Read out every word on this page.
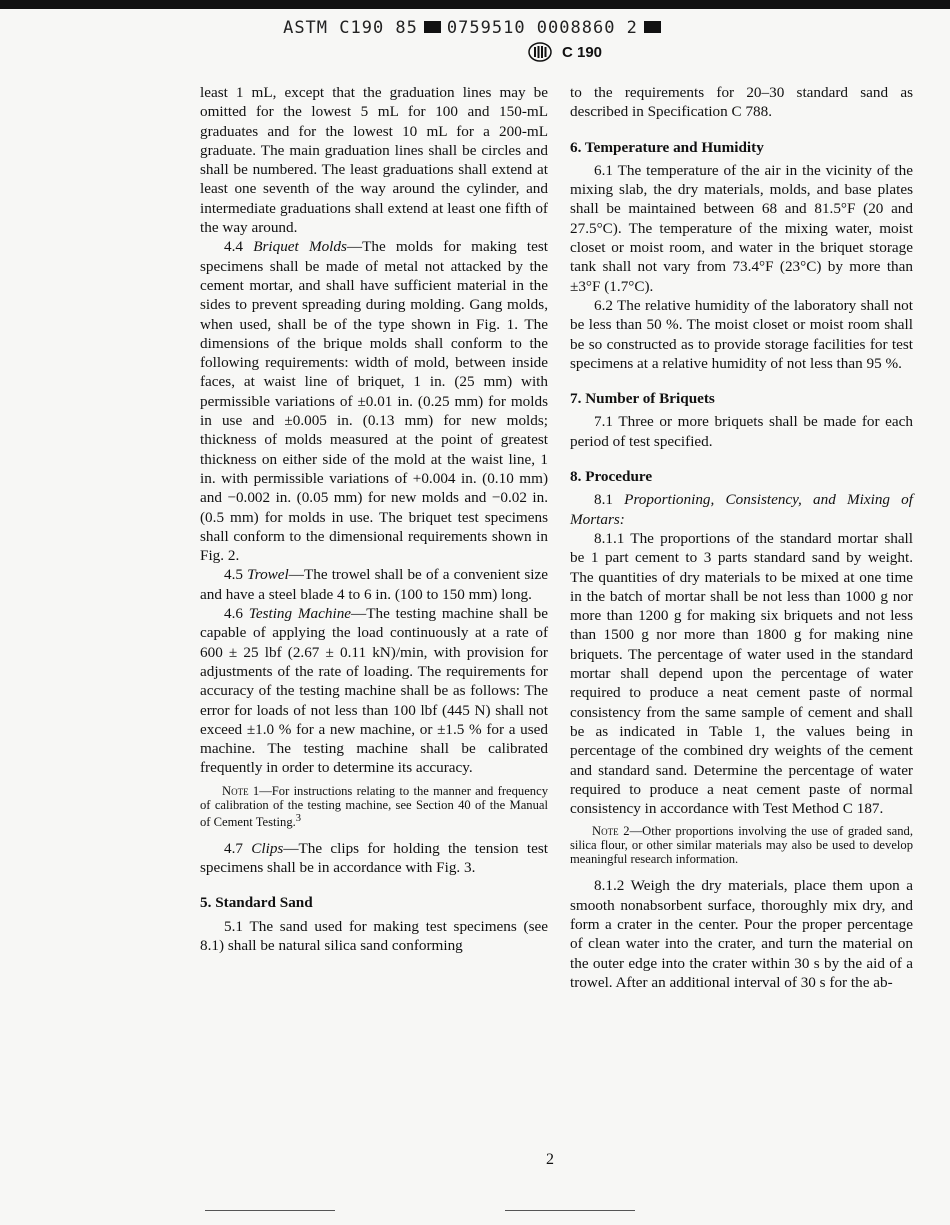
ASTM C190 85 0759510 0008860 2
C 190

least 1 mL, except that the graduation lines may be omitted for the lowest 5 mL for 100 and 150-mL graduates and for the lowest 10 mL for a 200-mL graduate. The main graduation lines shall be circles and shall be numbered. The least graduations shall extend at least one seventh of the way around the cylinder, and intermediate graduations shall extend at least one fifth of the way around.

4.4 Briquet Molds—The molds for making test specimens shall be made of metal not attacked by the cement mortar, and shall have sufficient material in the sides to prevent spreading during molding. Gang molds, when used, shall be of the type shown in Fig. 1. The dimensions of the brique molds shall conform to the following requirements: width of mold, between inside faces, at waist line of briquet, 1 in. (25 mm) with permissible variations of ±0.01 in. (0.25 mm) for molds in use and ±0.005 in. (0.13 mm) for new molds; thickness of molds measured at the point of greatest thickness on either side of the mold at the waist line, 1 in. with permissible variations of +0.004 in. (0.10 mm) and −0.002 in. (0.05 mm) for new molds and −0.02 in. (0.5 mm) for molds in use. The briquet test specimens shall conform to the dimensional requirements shown in Fig. 2.

4.5 Trowel—The trowel shall be of a convenient size and have a steel blade 4 to 6 in. (100 to 150 mm) long.

4.6 Testing Machine—The testing machine shall be capable of applying the load continuously at a rate of 600 ± 25 lbf (2.67 ± 0.11 kN)/min, with provision for adjustments of the rate of loading. The requirements for accuracy of the testing machine shall be as follows: The error for loads of not less than 100 lbf (445 N) shall not exceed ±1.0 % for a new machine, or ±1.5 % for a used machine. The testing machine shall be calibrated frequently in order to determine its accuracy.

Note 1—For instructions relating to the manner and frequency of calibration of the testing machine, see Section 40 of the Manual of Cement Testing.$^3$

4.7 Clips—The clips for holding the tension test specimens shall be in accordance with Fig. 3.

5. Standard Sand

5.1 The sand used for making test specimens (see 8.1) shall be natural silica sand conforming

to the requirements for 20–30 standard sand as described in Specification C 788.

6. Temperature and Humidity

6.1 The temperature of the air in the vicinity of the mixing slab, the dry materials, molds, and base plates shall be maintained between 68 and 81.5°F (20 and 27.5°C). The temperature of the mixing water, moist closet or moist room, and water in the briquet storage tank shall not vary from 73.4°F (23°C) by more than ±3°F (1.7°C).

6.2 The relative humidity of the laboratory shall not be less than 50 %. The moist closet or moist room shall be so constructed as to provide storage facilities for test specimens at a relative humidity of not less than 95 %.

7. Number of Briquets

7.1 Three or more briquets shall be made for each period of test specified.

8. Procedure

8.1 Proportioning, Consistency, and Mixing of Mortars:

8.1.1 The proportions of the standard mortar shall be 1 part cement to 3 parts standard sand by weight. The quantities of dry materials to be mixed at one time in the batch of mortar shall be not less than 1000 g nor more than 1200 g for making six briquets and not less than 1500 g nor more than 1800 g for making nine briquets. The percentage of water used in the standard mortar shall depend upon the percentage of water required to produce a neat cement paste of normal consistency from the same sample of cement and shall be as indicated in Table 1, the values being in percentage of the combined dry weights of the cement and standard sand. Determine the percentage of water required to produce a neat cement paste of normal consistency in accordance with Test Method C 187.

Note 2—Other proportions involving the use of graded sand, silica flour, or other similar materials may also be used to develop meaningful research information.

8.1.2 Weigh the dry materials, place them upon a smooth nonabsorbent surface, thoroughly mix dry, and form a crater in the center. Pour the proper percentage of clean water into the crater, and turn the material on the outer edge into the crater within 30 s by the aid of a trowel. After an additional interval of 30 s for the ab-

2
